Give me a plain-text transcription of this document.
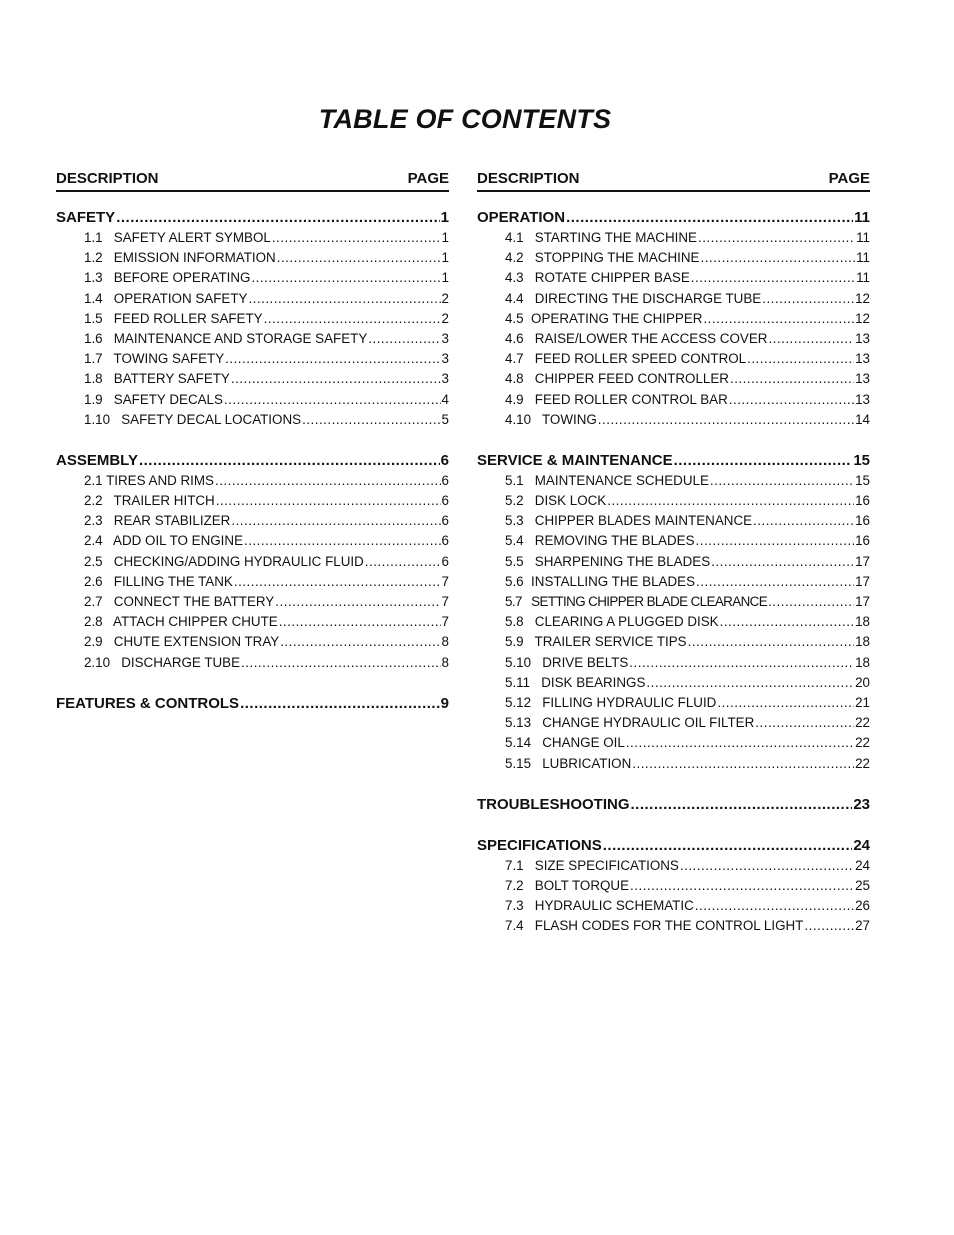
TABLE OF CONTENTS
DESCRIPTION	PAGE
SAFETY .....	1
1.1   SAFETY ALERT SYMBOL .....	1
1.2   EMISSION INFORMATION .....	1
1.3   BEFORE OPERATING .....	1
1.4   OPERATION SAFETY .....	2
1.5   FEED ROLLER SAFETY .....	2
1.6   MAINTENANCE AND STORAGE SAFETY .....	3
1.7   TOWING SAFETY .....	3
1.8   BATTERY SAFETY .....	3
1.9   SAFETY DECALS .....	4
1.10   SAFETY DECAL LOCATIONS .....	5
ASSEMBLY .....	6
2.1 TIRES AND RIMS .....	6
2.2   TRAILER HITCH .....	6
2.3   REAR STABILIZER .....	6
2.4   ADD OIL TO ENGINE .....	6
2.5   CHECKING/ADDING HYDRAULIC FLUID .....	6
2.6   FILLING THE TANK .....	7
2.7   CONNECT THE BATTERY .....	7
2.8   ATTACH CHIPPER CHUTE .....	7
2.9   CHUTE EXTENSION TRAY .....	8
2.10   DISCHARGE TUBE .....	8
FEATURES & CONTROLS .....	9
DESCRIPTION	PAGE
OPERATION .....	11
4.1   STARTING THE MACHINE .....	11
4.2   STOPPING THE MACHINE .....	11
4.3   ROTATE CHIPPER BASE .....	11
4.4   DIRECTING THE DISCHARGE TUBE .....	12
4.5  OPERATING THE CHIPPER .....	12
4.6   RAISE/LOWER THE ACCESS COVER .....	13
4.7   FEED ROLLER SPEED CONTROL .....	13
4.8   CHIPPER FEED CONTROLLER .....	13
4.9   FEED ROLLER CONTROL BAR .....	13
4.10   TOWING .....	14
SERVICE & MAINTENANCE .....	15
5.1   MAINTENANCE SCHEDULE .....	15
5.2   DISK LOCK .....	16
5.3   CHIPPER BLADES MAINTENANCE .....	16
5.4   REMOVING THE BLADES .....	16
5.5   SHARPENING THE BLADES .....	17
5.6  INSTALLING THE BLADES .....	17
5.7   SETTING CHIPPER BLADE CLEARANCE .....	17
5.8   CLEARING A PLUGGED DISK .....	18
5.9   TRAILER SERVICE TIPS .....	18
5.10   DRIVE BELTS .....	18
5.11   DISK BEARINGS .....	20
5.12   FILLING HYDRAULIC FLUID .....	21
5.13   CHANGE HYDRAULIC OIL FILTER .....	22
5.14   CHANGE OIL .....	22
5.15   LUBRICATION .....	22
TROUBLESHOOTING .....	23
SPECIFICATIONS .....	24
7.1   SIZE SPECIFICATIONS .....	24
7.2   BOLT TORQUE .....	25
7.3   HYDRAULIC SCHEMATIC .....	26
7.4   FLASH CODES FOR THE CONTROL LIGHT .....	27
